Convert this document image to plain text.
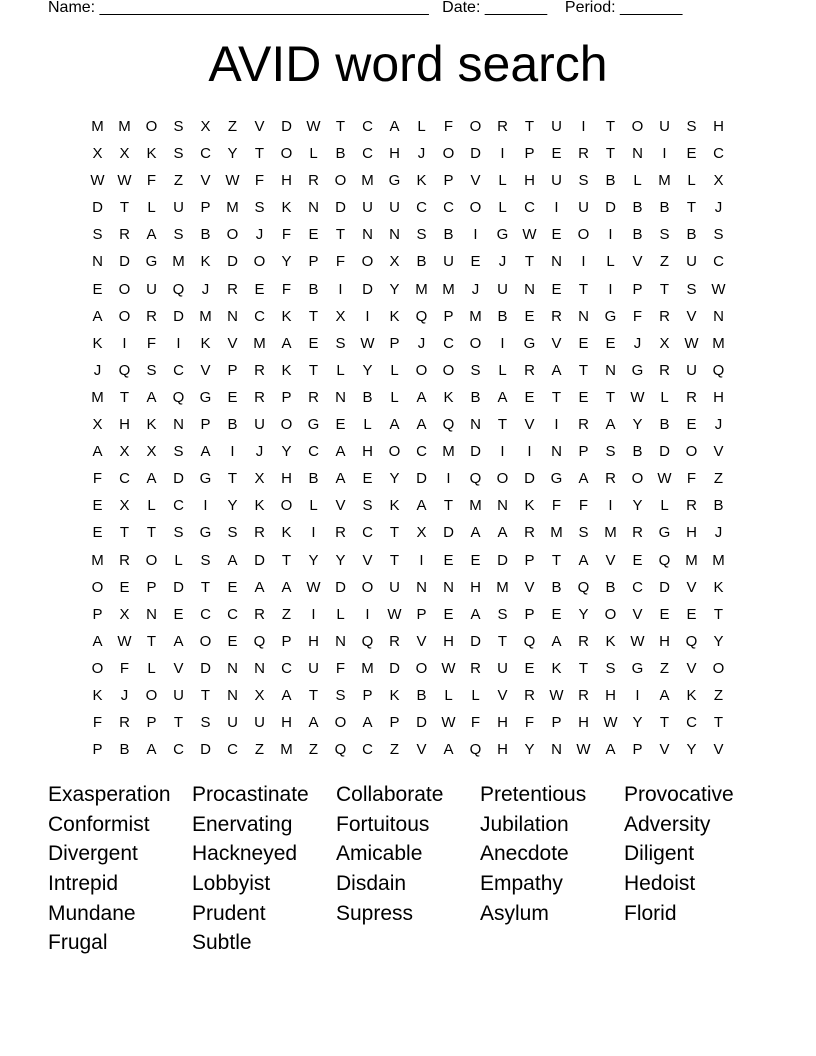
Name: _____________________________________   Date: _______    Period: _______
AVID word search
M M O	S	X	Z	V	D W	T	C	A	L	F	O	R	T	U	I	T	O	U	S	H
X	X	K	S	C	Y	T	O	L	B	C	H	J	O	D	I	P	E	R	T	N	I	E	C
W W	F	Z	V W	F	H	R	O M G	K	P	V	L	H	U	S	B	L	M	L	X
D	T	L	U	P	M	S	K	N	D	U	U	C	C	O	L	C	I	U	D	B	B	T	J
S	R	A	S	B	O	J	F	E	T	N	N	S	B	I	G W E	O	I	B	S	B	S
N	D	G M	K	D	O	Y	P	F	O	X	B	U	E	J	T	N	I	L	V	Z	U	C
E	O	U	Q	J	R	E	F	B	I	D	Y	M M	J	U	N	E	T	I	P	T	S W
A	O	R	D	M	N	C	K	T	X	I	K	Q	P	M	B	E	R	N	G	F	R	V	N
K	I	F	I	K	V	M	A	E	S W P	J	C	O	I	G	V	E	E	J	X W M
J	Q	S	C	V	P	R	K	T	L	Y	L	O	O	S	L	R	A	T	N	G	R	U	Q
M	T	A	Q	G	E	R	P	R	N	B	L	A	K	B	A	E	T	E	T	W	L	R	H
X	H	K	N	P	B	U	O	G	E	L	A	A	Q	N	T	V	I	R	A	Y	B	E	J
A	X	X	S	A	I	J	Y	C	A	H	O	C	M	D	I	I	N	P	S	B	D	O	V
F	C	A	D	G	T	X	H	B	A	E	Y	D	I	Q	O	D	G	A	R	O W	F	Z
E	X	L	C	I	Y	K	O	L	V	S	K	A	T	M	N	K	F	F	I	Y	L	R	B
E	T	T	S	G	S	R	K	I	R	C	T	X	D	A	A	R	M	S	M	R	G	H	J
M	R	O	L	S	A	D	T	Y	Y	V	T	I	E	E	D	P	T	A	V	E	Q M M
O	E	P	D	T	E	A	A W D	O	U	N	N	H	M	V	B	Q	B	C	D	V	K
P	X	N	E	C	C	R	Z	I	L	I	W P	E	A	S	P	E	Y	O	V	E	E	T
A W	T	A	O	E	Q	P	H	N	Q	R	V	H	D	T	Q	A	R	K W H	Q	Y
O	F	L	V	D	N	N	C	U	F	M	D	O W R	U	E	K	T	S	G	Z	V	O
K	J	O	U	T	N	X	A	T	S	P	K	B	L	L	V	R W R	H	I	A	K	Z
F	R	P	T	S	U	U	H	A	O	A	P	D W	F	H	F	P	H W Y	T	C	T
P	B	A	C	D	C	Z	M	Z	Q	C	Z	V	A	Q	H	Y	N W A	P	V	Y	V
Exasperation	Procastinate	Collaborate	Pretentious	Provocative
Conformist	Enervating	Fortuitous	Jubilation	Adversity
Divergent	Hackneyed	Amicable	Anecdote	Diligent
Intrepid	Lobbyist	Disdain	Empathy	Hedoist
Mundane	Prudent	Supress	Asylum	Florid
Frugal	Subtle
